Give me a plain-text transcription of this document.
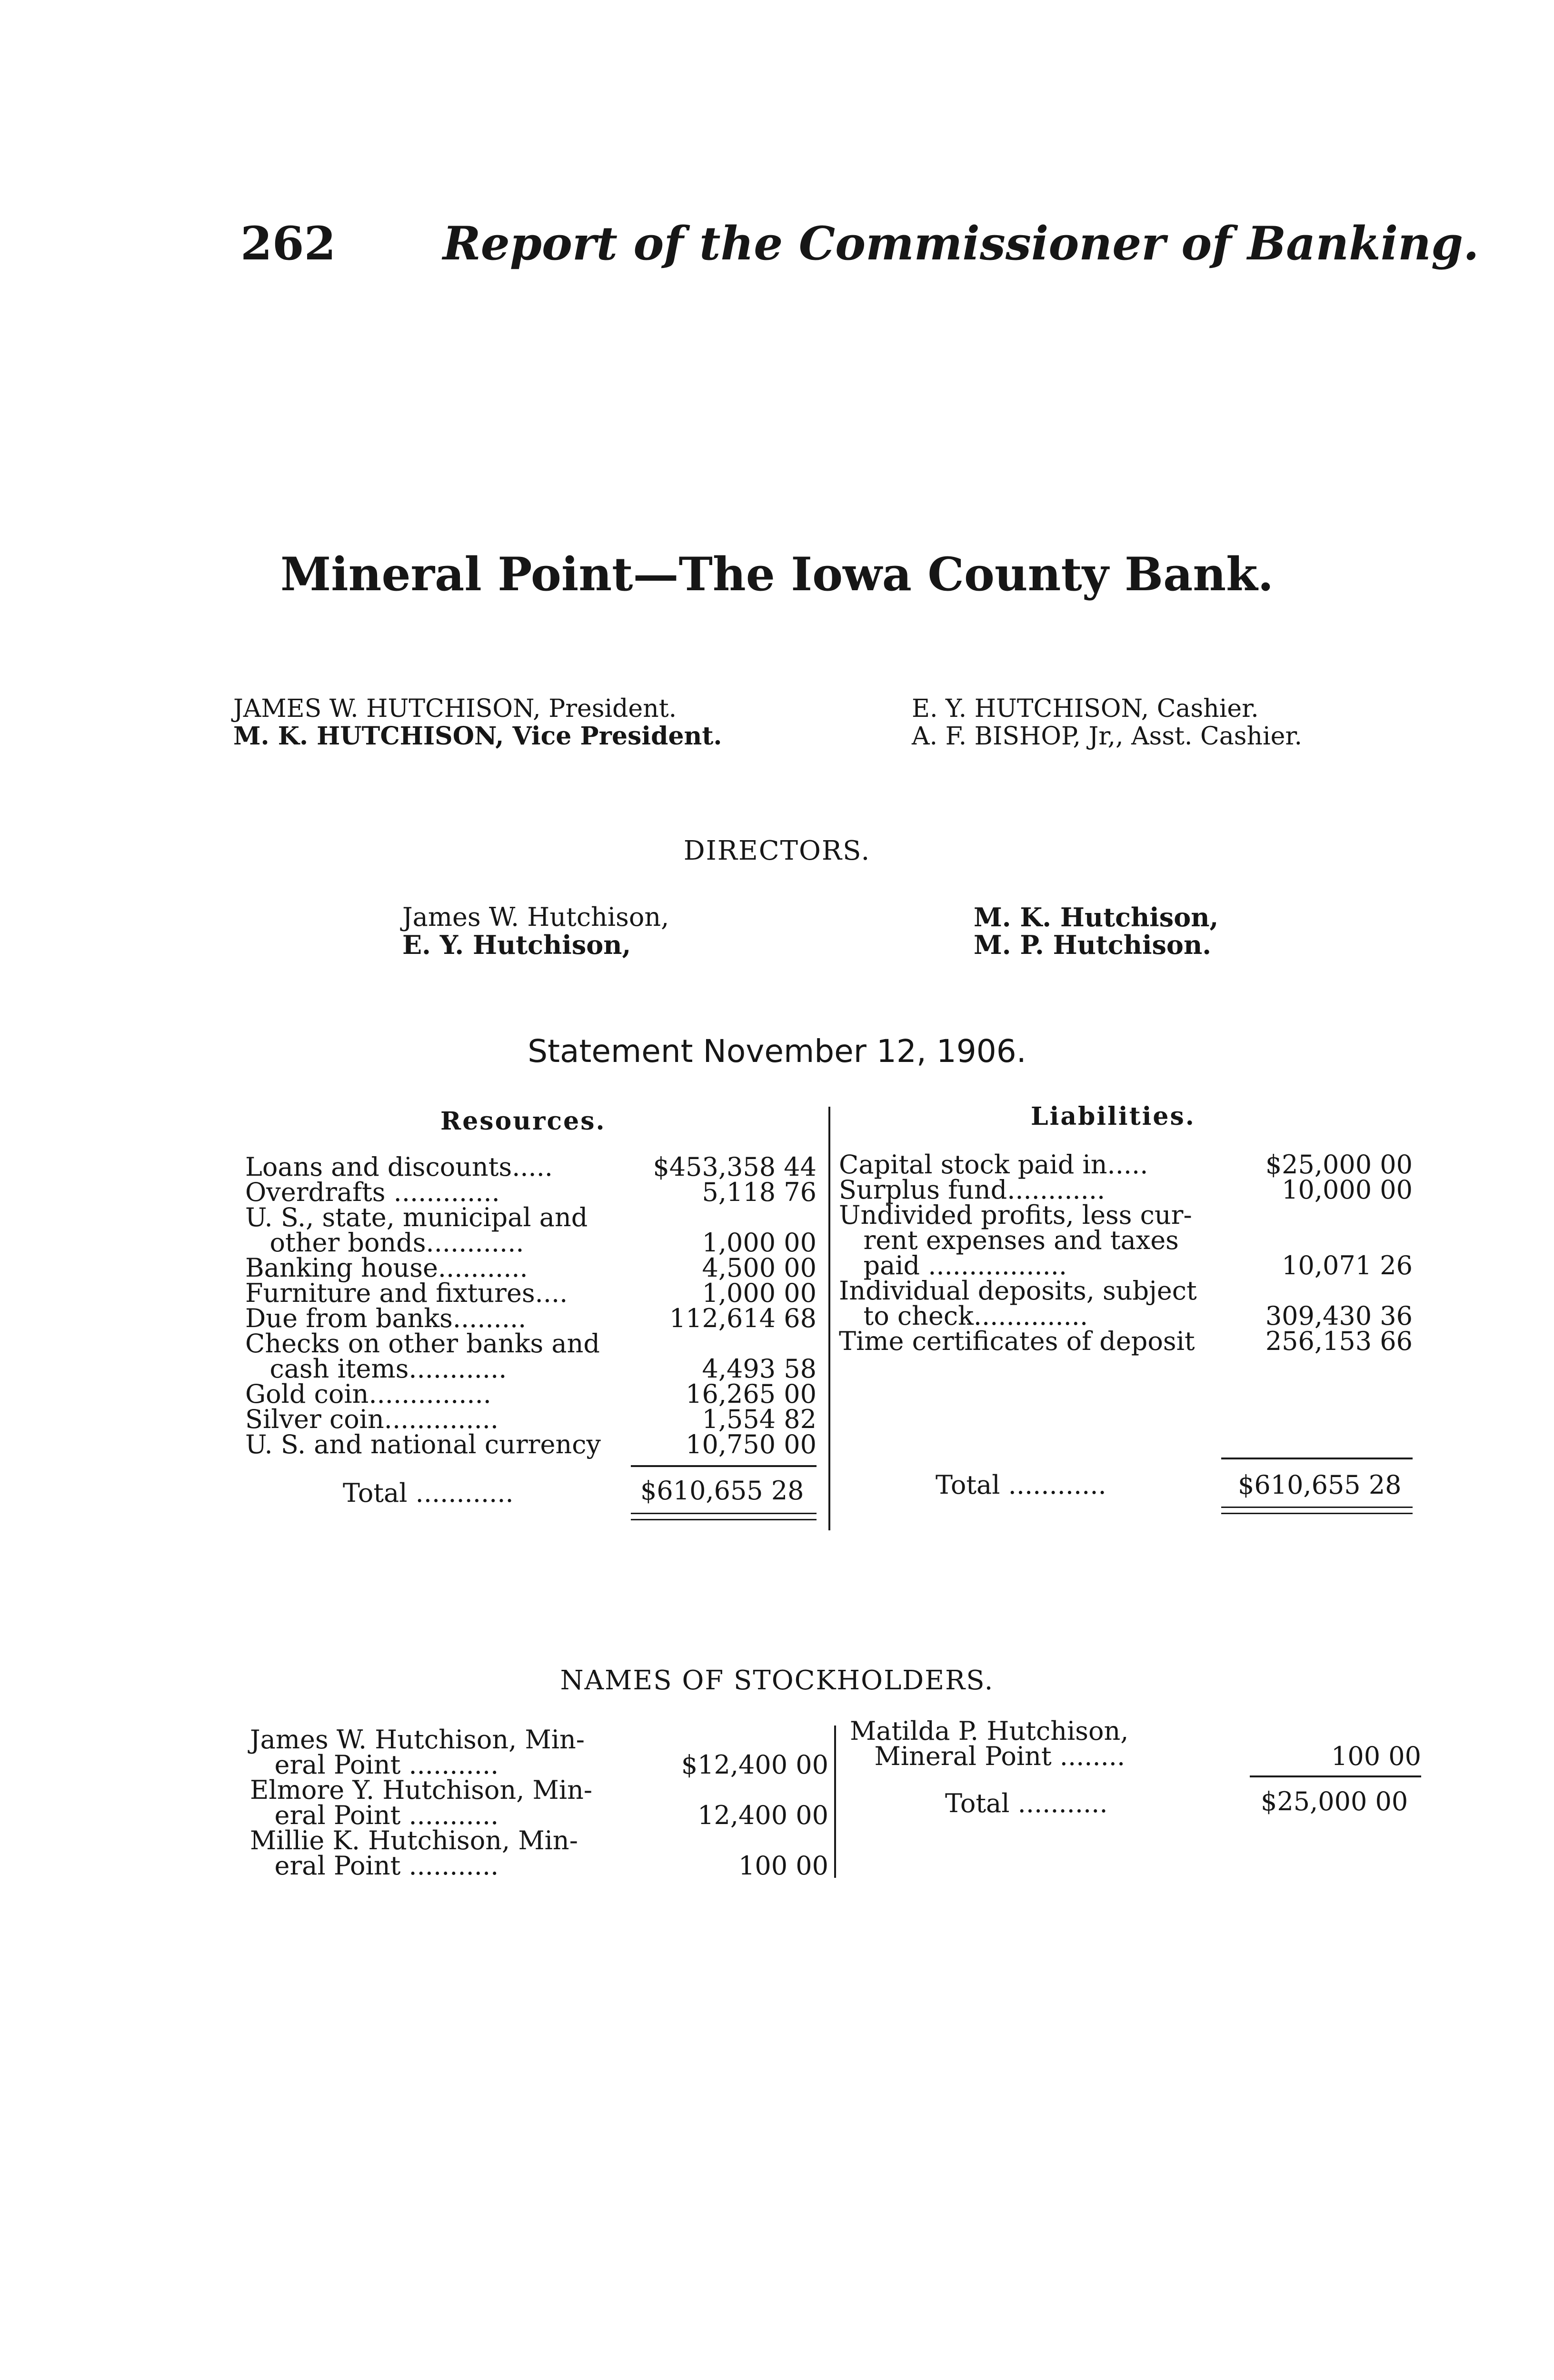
262 Report of the Commissioner of Banking.
Mineral Point—The Iowa County Bank.
JAMES W. HUTCHISON, President.
M. K. HUTCHISON, Vice President.
E. Y. HUTCHISON, Cashier.
A. F. BISHOP, Jr,, Asst. Cashier.
DIRECTORS.
James W. Hutchison,
E. Y. Hutchison,
M. K. Hutchison,
M. P. Hutchison.
Statement November 12, 1906.
Resources.	Liabilities.
Loans and discounts.....	$453,358 44
Overdrafts .............	5,118 76
U. S., state, municipal and
other bonds............	1,000 00
Banking house...........	4,500 00
Furniture and fixtures....	1,000 00
Due from banks.........	112,614 68
Checks on other banks and
cash items............	4,493 58
Gold coin...............	16,265 00
Silver coin..............	1,554 82
U. S. and national currency	10,750 00
Total ............	$610,655 28
Capital stock paid in.....	$25,000 00
Surplus fund............	10,000 00
Undivided profits, less cur-
rent expenses and taxes
paid .................	10,071 26
Individual deposits, subject
to check..............	309,430 36
Time certificates of deposit	256,153 66
Total ............	$610,655 28
NAMES OF STOCKHOLDERS.
James W. Hutchison, Min-
eral Point ...........	$12,400 00
Elmore Y. Hutchison, Min-
eral Point ...........	12,400 00
Millie K. Hutchison, Min-
eral Point ...........	100 00
Matilda P. Hutchison,
Mineral Point ........	100 00
Total ...........	$25,000 00
